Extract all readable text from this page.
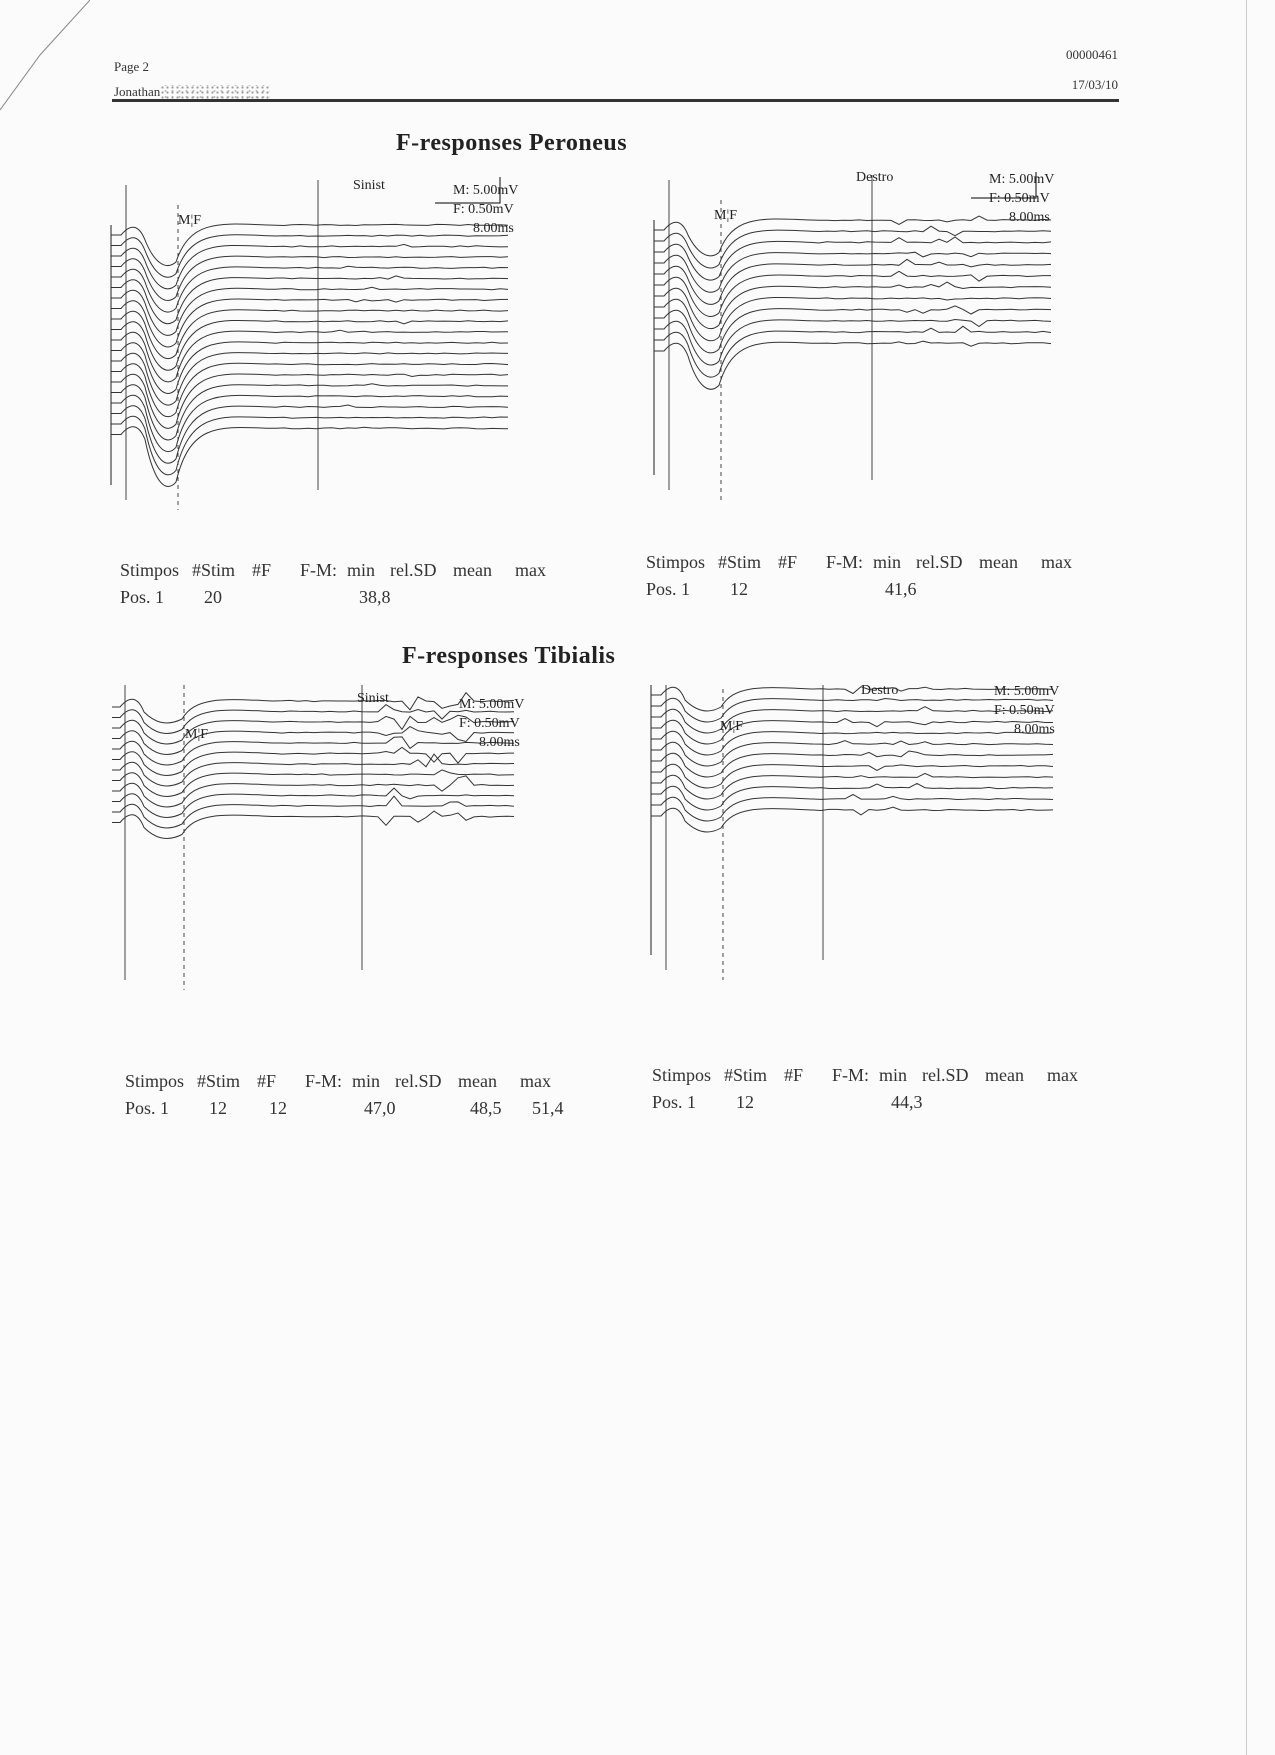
Page 2
Jonathan
00000461
17/03/10
F-responses Peroneus
Sinist	M: 5.00mV
F: 0.50mV
8.00ms
M¦F
Stimpos #Stim #F F-M: min rel.SD mean max
Pos. 1 20	38,8
Destro	M: 5.00mV
F: 0.50mV
8.00ms
M¦F
Stimpos #Stim #F F-M: min rel.SD mean max
Pos. 1 12	41,6
F-responses Tibialis
Sinist	M: 5.00mV
F: 0.50mV
8.00ms
M¦F
Stimpos #Stim #F F-M: min rel.SD mean max
Pos. 1 12 12	47,0	48,5 51,4
Destro	M: 5.00mV
F: 0.50mV
8.00ms
M¦F
Stimpos #Stim #F F-M: min rel.SD mean max
Pos. 1 12	44,3
